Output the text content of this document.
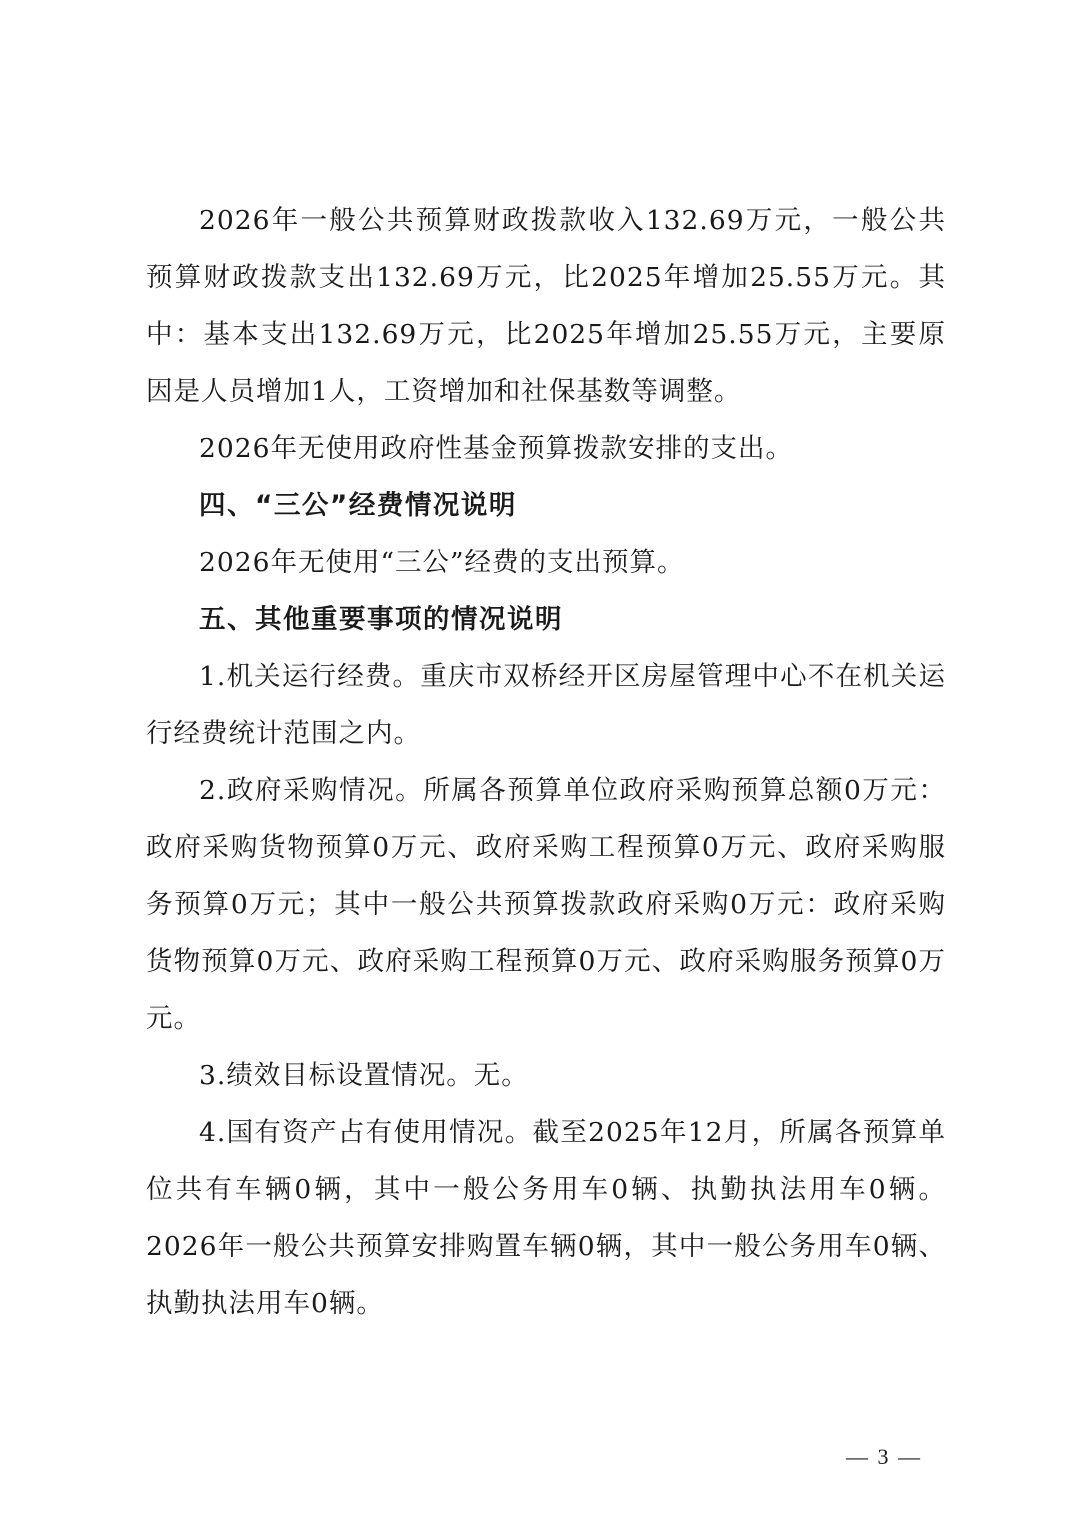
2026年一般公共预算财政拨款收入132.69万元，一般公共预算财政拨款支出132.69万元，比2025年增加25.55万元。其中：基本支出132.69万元，比2025年增加25.55万元，主要原因是人员增加1人，工资增加和社保基数等调整。

2026年无使用政府性基金预算拨款安排的支出。

四、“三公”经费情况说明

2026年无使用“三公”经费的支出预算。

五、其他重要事项的情况说明

1.机关运行经费。重庆市双桥经开区房屋管理中心不在机关运行经费统计范围之内。

2.政府采购情况。所属各预算单位政府采购预算总额0万元：政府采购货物预算0万元、政府采购工程预算0万元、政府采购服务预算0万元；其中一般公共预算拨款政府采购0万元：政府采购货物预算0万元、政府采购工程预算0万元、政府采购服务预算0万元。

3.绩效目标设置情况。无。

4.国有资产占有使用情况。截至2025年12月，所属各预算单位共有车辆0辆，其中一般公务用车0辆、执勤执法用车0辆。2026年一般公共预算安排购置车辆0辆，其中一般公务用车0辆、执勤执法用车0辆。

— 3 —
